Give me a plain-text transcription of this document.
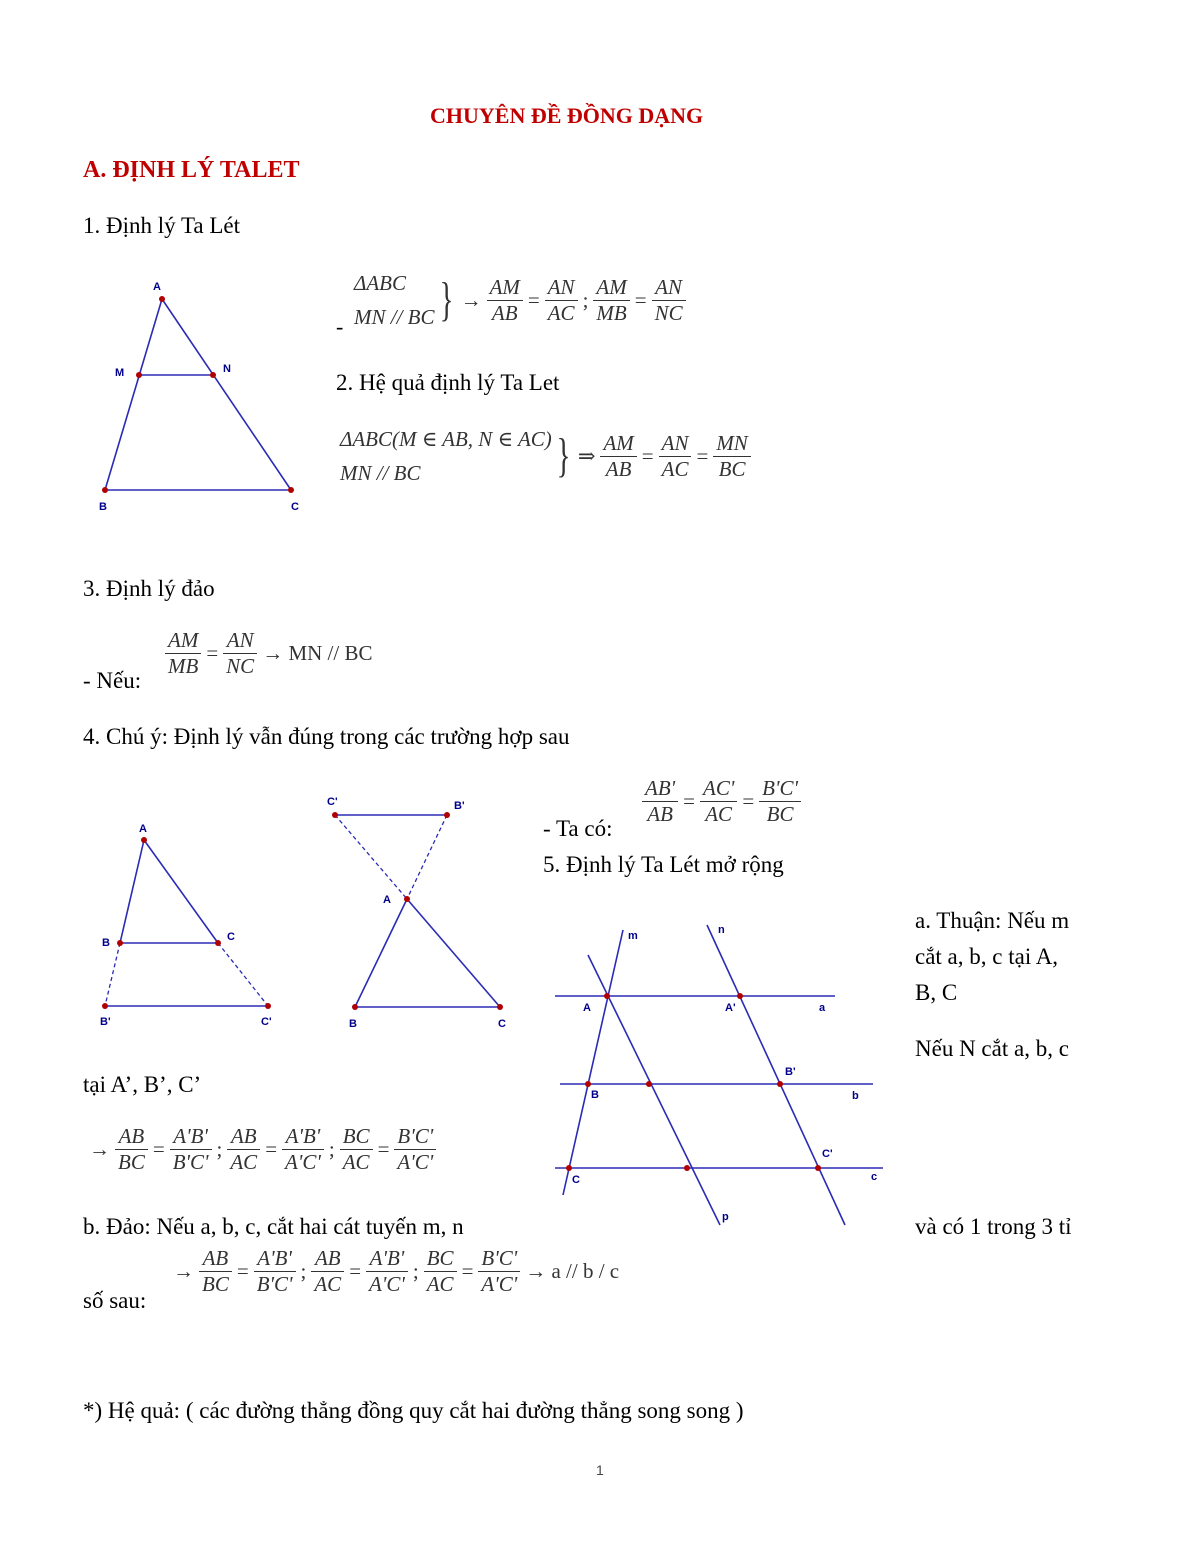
CHUYÊN ĐỀ ĐỒNG DẠNG
A. ĐỊNH LÝ TALET
1. Định lý Ta Lét
A
M	N
B	C
-
ΔABC
MN // BC } → $\frac{AM}{AB} = \frac{AN}{AC}$ ; $\frac{AM}{MB} = \frac{AN}{NC}$
2. Hệ quả định lý Ta Let
ΔABC(M ∈ AB, N ∈ AC)
MN // BC	} ⇒ $\frac{AM}{AB} = \frac{AN}{AC} = \frac{MN}{BC}$
3. Định lý đảo
- Nếu:
$\frac{AM}{MB} = \frac{AN}{NC}$ → MN // BC
4. Chú ý: Định lý vẫn đúng trong các trường hợp sau
A
B	C
B'	C'
C'	B'
A
B	C
- Ta có:
$\frac{AB'}{AB} = \frac{AC'}{AC} = \frac{B'C'}{BC}$
5. Định lý Ta Lét mở rộng
m	n
p
a
b
c
A	A'
B
B'
C
C'
a. Thuận: Nếu m
cắt a, b, c tại A,
B, C
Nếu N cắt a, b, c
tại A’, B’, C’
→ $\frac{AB}{BC} = \frac{A'B'}{B'C'}$ ; $\frac{AB}{AC} = \frac{A'B'}{A'C'}$ ; $\frac{BC}{AC} = \frac{B'C'}{A'C'}$
b. Đảo: Nếu a, b, c, cắt hai cát tuyến m, n	và có 1 trong 3 tỉ
số sau:
→ $\frac{AB}{BC} = \frac{A'B'}{B'C'}$ ; $\frac{AB}{AC} = \frac{A'B'}{A'C'}$ ; $\frac{BC}{AC} = \frac{B'C'}{A'C'} \to a // b / c$
*) Hệ quả: ( các đường thẳng đồng quy cắt hai đường thẳng song song )
1
